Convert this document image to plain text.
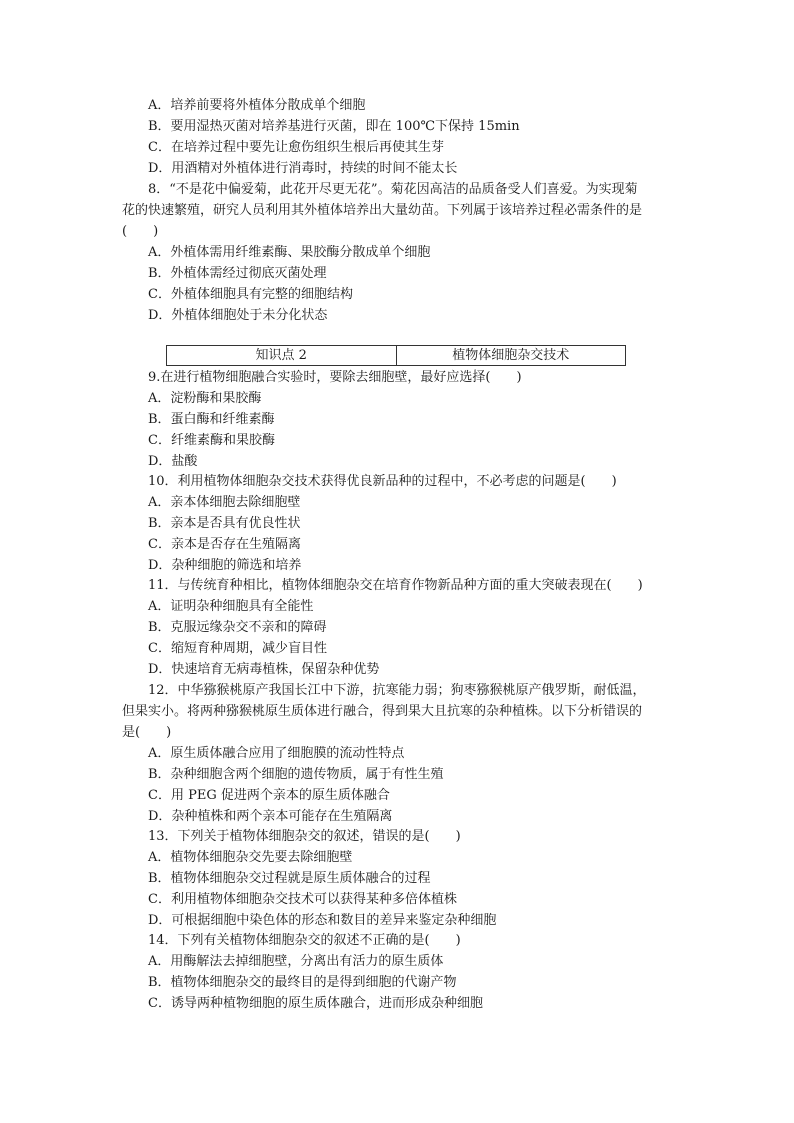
A．培养前要将外植体分散成单个细胞
B．要用湿热灭菌对培养基进行灭菌，即在 100℃下保持 15min
C．在培养过程中要先让愈伤组织生根后再使其生芽
D．用酒精对外植体进行消毒时，持续的时间不能太长
8．“不是花中偏爱菊，此花开尽更无花”。菊花因高洁的品质备受人们喜爱。为实现菊
花的快速繁殖，研究人员利用其外植体培养出大量幼苗。下列属于该培养过程必需条件的是
(　　)
A．外植体需用纤维素酶、果胶酶分散成单个细胞
B．外植体需经过彻底灭菌处理
C．外植体细胞具有完整的细胞结构
D．外植体细胞处于未分化状态
知识点 2	植物体细胞杂交技术
9.在进行植物细胞融合实验时，要除去细胞壁，最好应选择(　　)
A．淀粉酶和果胶酶
B．蛋白酶和纤维素酶
C．纤维素酶和果胶酶
D．盐酸
10．利用植物体细胞杂交技术获得优良新品种的过程中，不必考虑的问题是(　　)
A．亲本体细胞去除细胞壁
B．亲本是否具有优良性状
C．亲本是否存在生殖隔离
D．杂种细胞的筛选和培养
11．与传统育种相比，植物体细胞杂交在培育作物新品种方面的重大突破表现在(　　)
A．证明杂种细胞具有全能性
B．克服远缘杂交不亲和的障碍
C．缩短育种周期，减少盲目性
D．快速培育无病毒植株，保留杂种优势
12．中华猕猴桃原产我国长江中下游，抗寒能力弱；狗枣猕猴桃原产俄罗斯，耐低温，
但果实小。将两种猕猴桃原生质体进行融合，得到果大且抗寒的杂种植株。以下分析错误的
是(　　)
A．原生质体融合应用了细胞膜的流动性特点
B．杂种细胞含两个细胞的遗传物质，属于有性生殖
C．用 PEG 促进两个亲本的原生质体融合
D．杂种植株和两个亲本可能存在生殖隔离
13．下列关于植物体细胞杂交的叙述，错误的是(　　)
A．植物体细胞杂交先要去除细胞壁
B．植物体细胞杂交过程就是原生质体融合的过程
C．利用植物体细胞杂交技术可以获得某种多倍体植株
D．可根据细胞中染色体的形态和数目的差异来鉴定杂种细胞
14．下列有关植物体细胞杂交的叙述不正确的是(　　)
A．用酶解法去掉细胞壁，分离出有活力的原生质体
B．植物体细胞杂交的最终目的是得到细胞的代谢产物
C．诱导两种植物细胞的原生质体融合，进而形成杂种细胞
